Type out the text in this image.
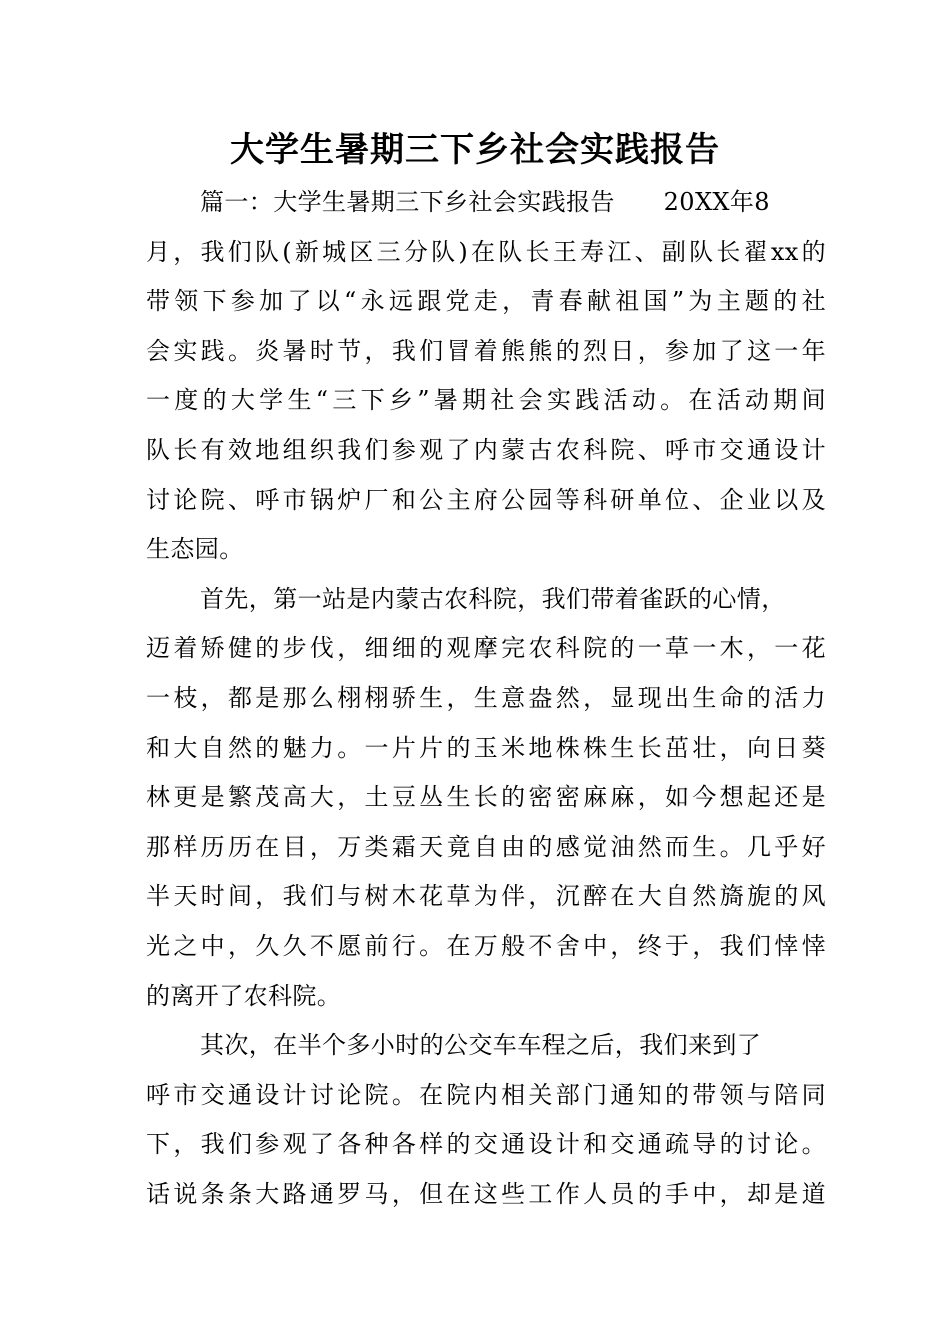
大学生暑期三下乡社会实践报告
篇一：大学生暑期三下乡社会实践报告　　20XX年8
月，我们队(新城区三分队)在队长王寿江、副队长翟xx的
带领下参加了以“永远跟党走，青春献祖国”为主题的社
会实践。炎暑时节，我们冒着熊熊的烈日，参加了这一年
一度的大学生“三下乡”暑期社会实践活动。在活动期间
队长有效地组织我们参观了内蒙古农科院、呼市交通设计
讨论院、呼市锅炉厂和公主府公园等科研单位、企业以及
生态园。
首先，第一站是内蒙古农科院，我们带着雀跃的心情，
迈着矫健的步伐，细细的观摩完农科院的一草一木，一花
一枝，都是那么栩栩骄生，生意盎然，显现出生命的活力
和大自然的魅力。一片片的玉米地株株生长茁壮，向日葵
林更是繁茂高大，土豆丛生长的密密麻麻，如今想起还是
那样历历在目，万类霜天竟自由的感觉油然而生。几乎好
半天时间，我们与树木花草为伴，沉醉在大自然旖旎的风
光之中，久久不愿前行。在万般不舍中，终于，我们悻悻
的离开了农科院。
其次，在半个多小时的公交车车程之后，我们来到了
呼市交通设计讨论院。在院内相关部门通知的带领与陪同
下，我们参观了各种各样的交通设计和交通疏导的讨论。
话说条条大路通罗马，但在这些工作人员的手中，却是道
